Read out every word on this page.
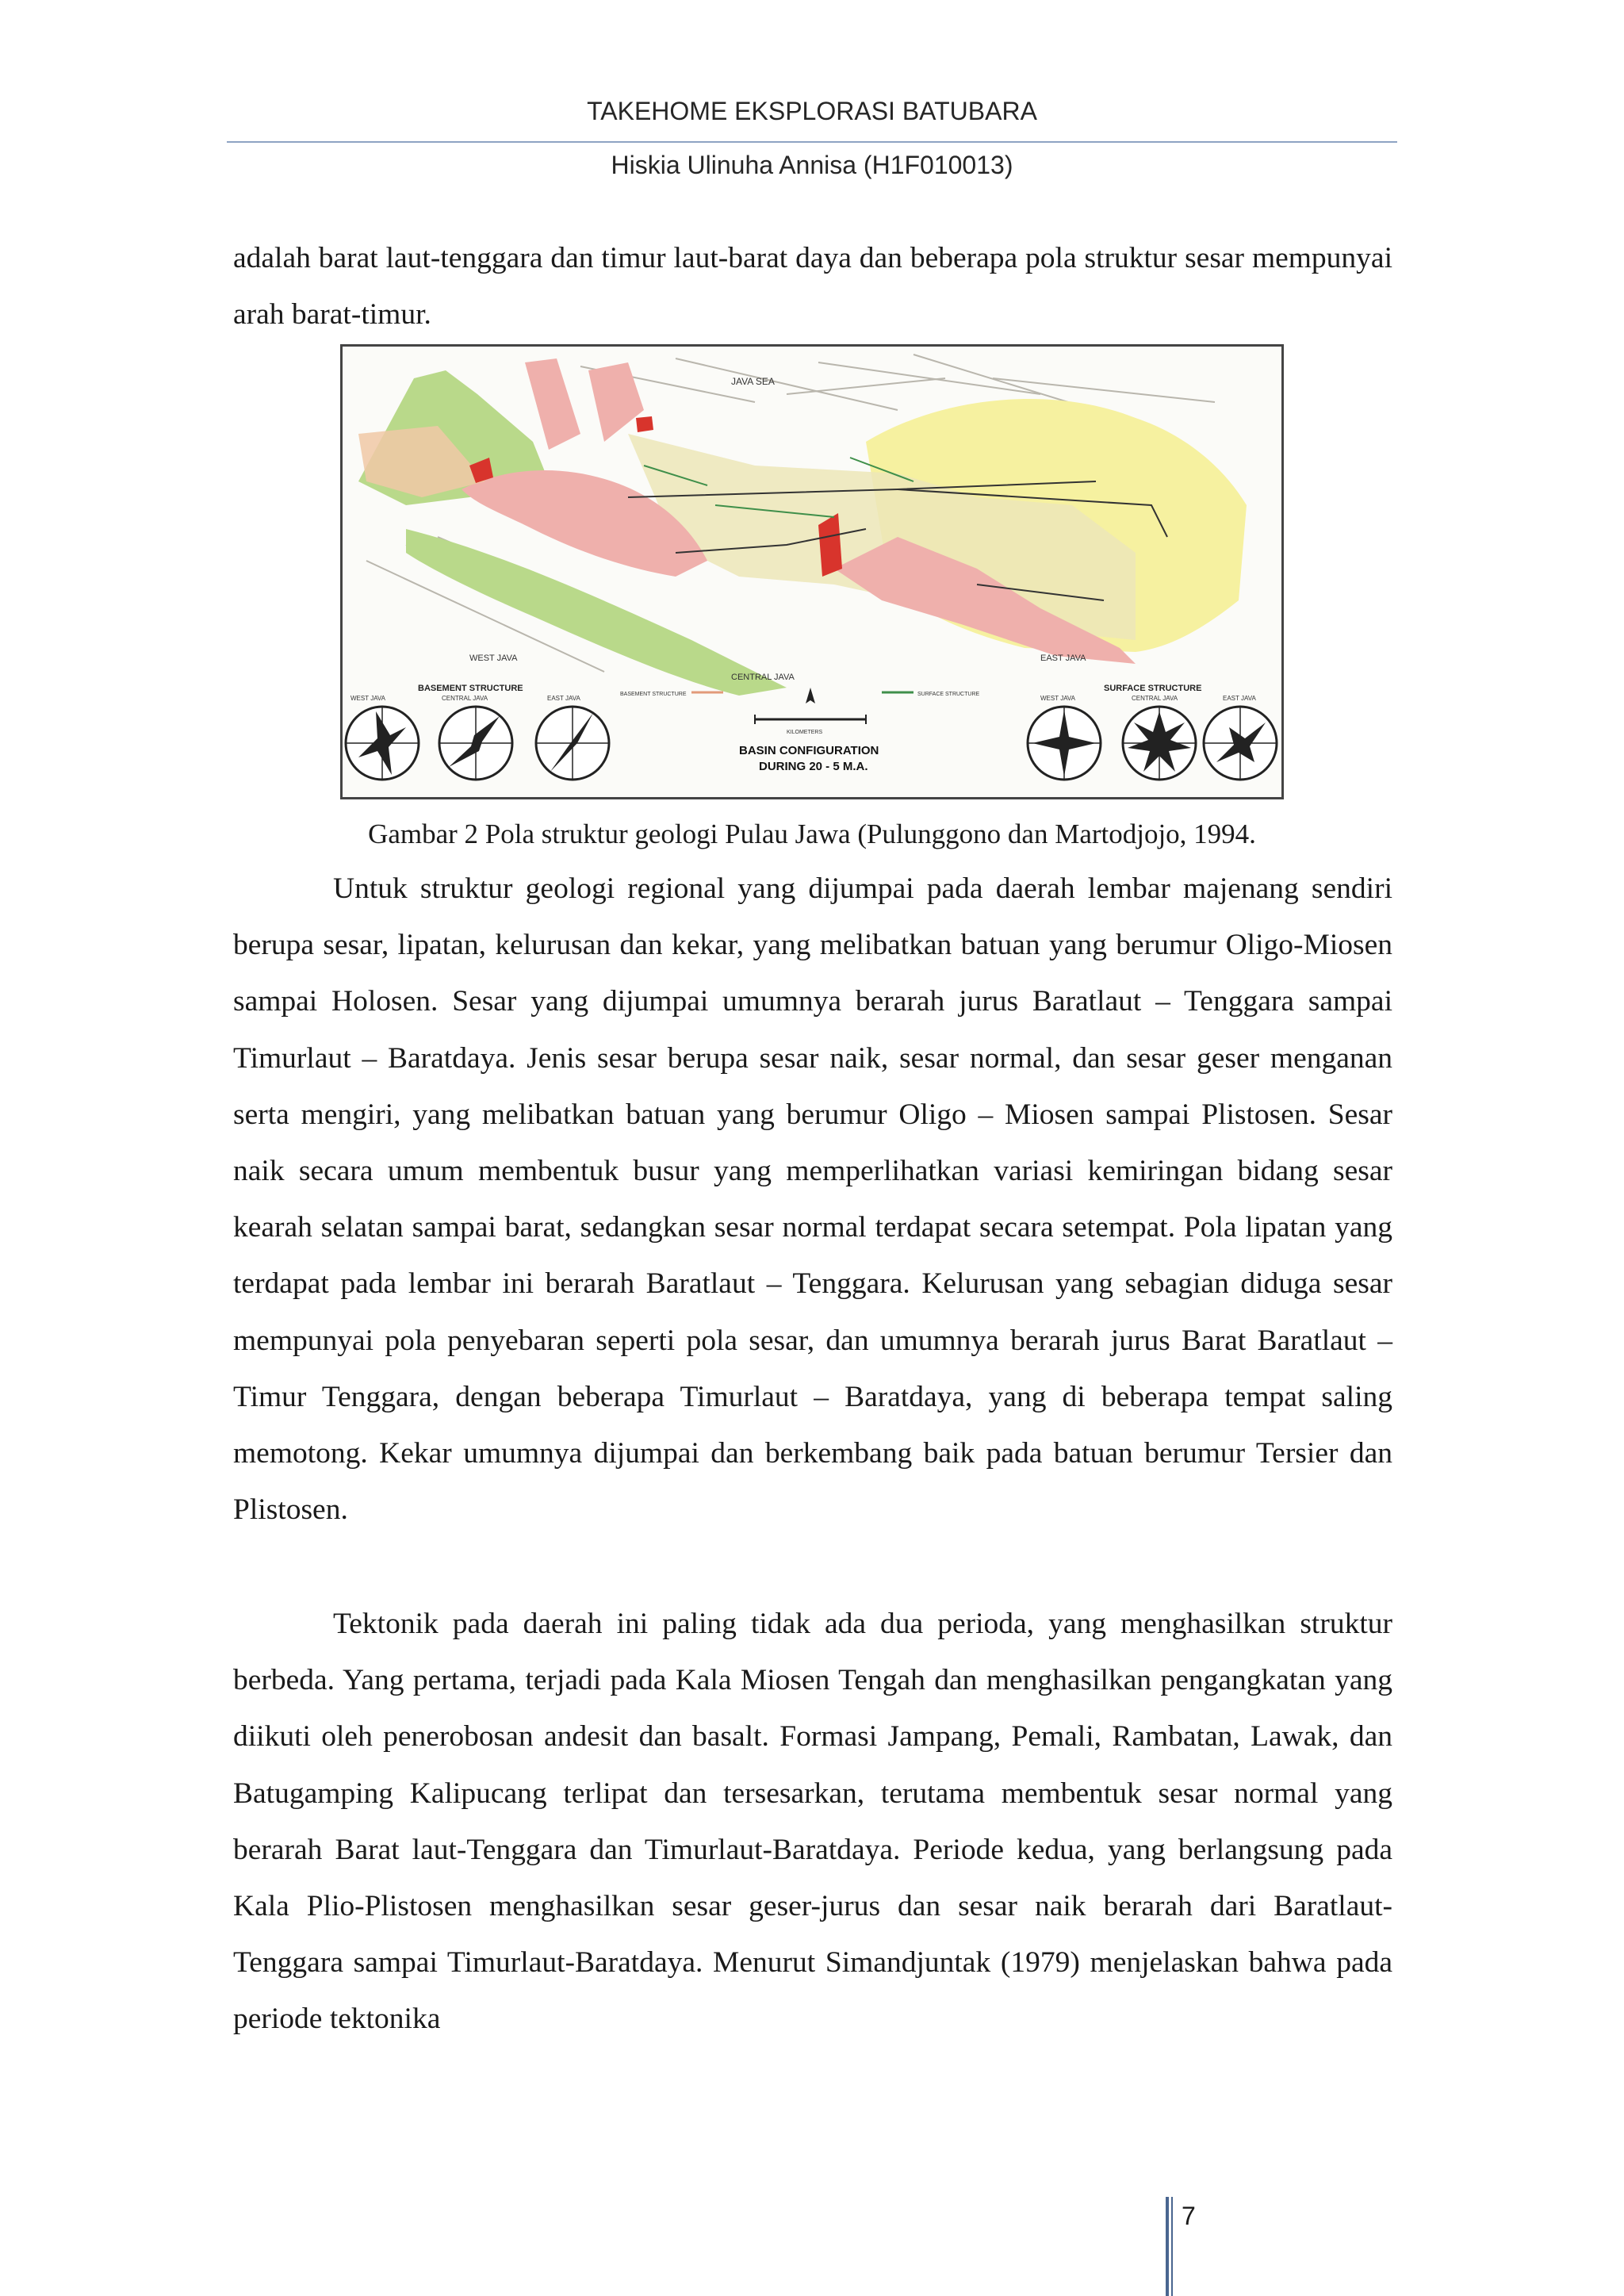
TAKEHOME EKSPLORASI BATUBARA
Hiskia Ulinuha Annisa (H1F010013)

adalah barat laut-tenggara dan timur laut-barat daya dan beberapa pola struktur sesar mempunyai arah barat-timur.

JAVA SEA
WEST JAVA
CENTRAL JAVA
EAST JAVA
BASEMENT STRUCTURE
WEST JAVA	CENTRAL JAVA	EAST JAVA
BASEMENT STRUCTURE	SURFACE STRUCTURE
KILOMETERS
BASIN CONFIGURATION
DURING 20 - 5 M.A.
SURFACE STRUCTURE
WEST JAVA	CENTRAL JAVA	EAST JAVA
Gambar 2 Pola struktur geologi Pulau Jawa (Pulunggono dan Martodjojo, 1994.

Untuk struktur geologi regional yang dijumpai pada daerah lembar majenang sendiri berupa sesar, lipatan, kelurusan dan kekar, yang melibatkan batuan yang berumur Oligo-Miosen sampai Holosen. Sesar yang dijumpai umumnya berarah jurus Baratlaut – Tenggara sampai Timurlaut – Baratdaya. Jenis sesar berupa sesar naik, sesar normal, dan sesar geser menganan serta mengiri, yang melibatkan batuan yang berumur Oligo – Miosen sampai Plistosen. Sesar naik secara umum membentuk busur yang memperlihatkan variasi kemiringan bidang sesar kearah selatan sampai barat, sedangkan sesar normal terdapat secara setempat. Pola lipatan yang terdapat pada lembar ini berarah Baratlaut – Tenggara. Kelurusan yang sebagian diduga sesar mempunyai pola penyebaran seperti pola sesar, dan umumnya berarah jurus Barat Baratlaut – Timur Tenggara, dengan beberapa Timurlaut – Baratdaya, yang di beberapa tempat saling memotong. Kekar umumnya dijumpai dan berkembang baik pada batuan berumur Tersier dan Plistosen.

Tektonik pada daerah ini paling tidak ada dua perioda, yang menghasilkan struktur berbeda. Yang pertama, terjadi pada Kala Miosen Tengah dan menghasilkan pengangkatan yang diikuti oleh penerobosan andesit dan basalt. Formasi Jampang, Pemali, Rambatan, Lawak, dan Batugamping Kalipucang terlipat dan tersesarkan, terutama membentuk sesar normal yang berarah Barat laut-Tenggara dan Timurlaut-Baratdaya. Periode kedua, yang berlangsung pada Kala Plio-Plistosen menghasilkan sesar geser-jurus dan sesar naik berarah dari Baratlaut-Tenggara sampai Timurlaut-Baratdaya. Menurut Simandjuntak (1979) menjelaskan bahwa pada periode tektonika

7
